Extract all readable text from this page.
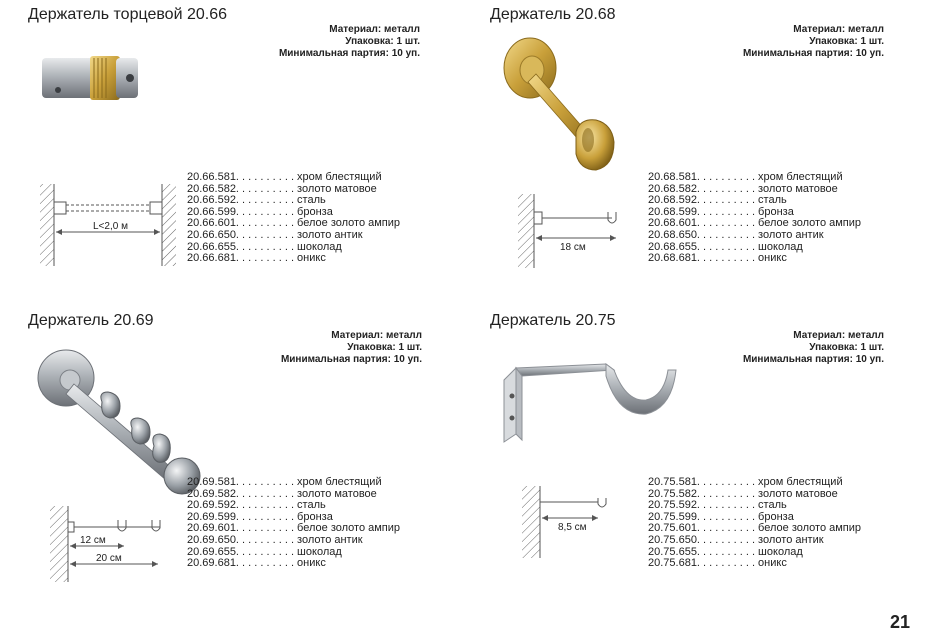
Держатель торцевой 20.66
Материал: металл
Упаковка: 1 шт.
Минимальная партия: 10 уп.
L<2,0 м
20.66.581. . . . . . . . . . хром блестящий
20.66.582. . . . . . . . . . золото матовое
20.66.592. . . . . . . . . . сталь
20.66.599. . . . . . . . . . бронза
20.66.601. . . . . . . . . . белое золото ампир
20.66.650. . . . . . . . . . золото антик
20.66.655. . . . . . . . . . шоколад
20.66.681. . . . . . . . . . оникс
Держатель 20.68
Материал: металл
Упаковка: 1 шт.
Минимальная партия: 10 уп.
18 см
20.68.581. . . . . . . . . . хром блестящий
20.68.582. . . . . . . . . . золото матовое
20.68.592. . . . . . . . . . сталь
20.68.599. . . . . . . . . . бронза
20.68.601. . . . . . . . . . белое золото ампир
20.68.650. . . . . . . . . . золото антик
20.68.655. . . . . . . . . . шоколад
20.68.681. . . . . . . . . . оникс
Держатель 20.69
Материал: металл
Упаковка: 1 шт.
Минимальная партия: 10 уп.
12 см
20 см
20.69.581. . . . . . . . . . хром блестящий
20.69.582. . . . . . . . . . золото матовое
20.69.592. . . . . . . . . . сталь
20.69.599. . . . . . . . . . бронза
20.69.601. . . . . . . . . . белое золото ампир
20.69.650. . . . . . . . . . золото антик
20.69.655. . . . . . . . . . шоколад
20.69.681. . . . . . . . . . оникс
Держатель 20.75
Материал: металл
Упаковка: 1 шт.
Минимальная партия: 10 уп.
8,5 см
20.75.581. . . . . . . . . . хром блестящий
20.75.582. . . . . . . . . . золото матовое
20.75.592. . . . . . . . . . сталь
20.75.599. . . . . . . . . . бронза
20.75.601. . . . . . . . . . белое золото ампир
20.75.650. . . . . . . . . . золото антик
20.75.655. . . . . . . . . . шоколад
20.75.681. . . . . . . . . . оникс
21
